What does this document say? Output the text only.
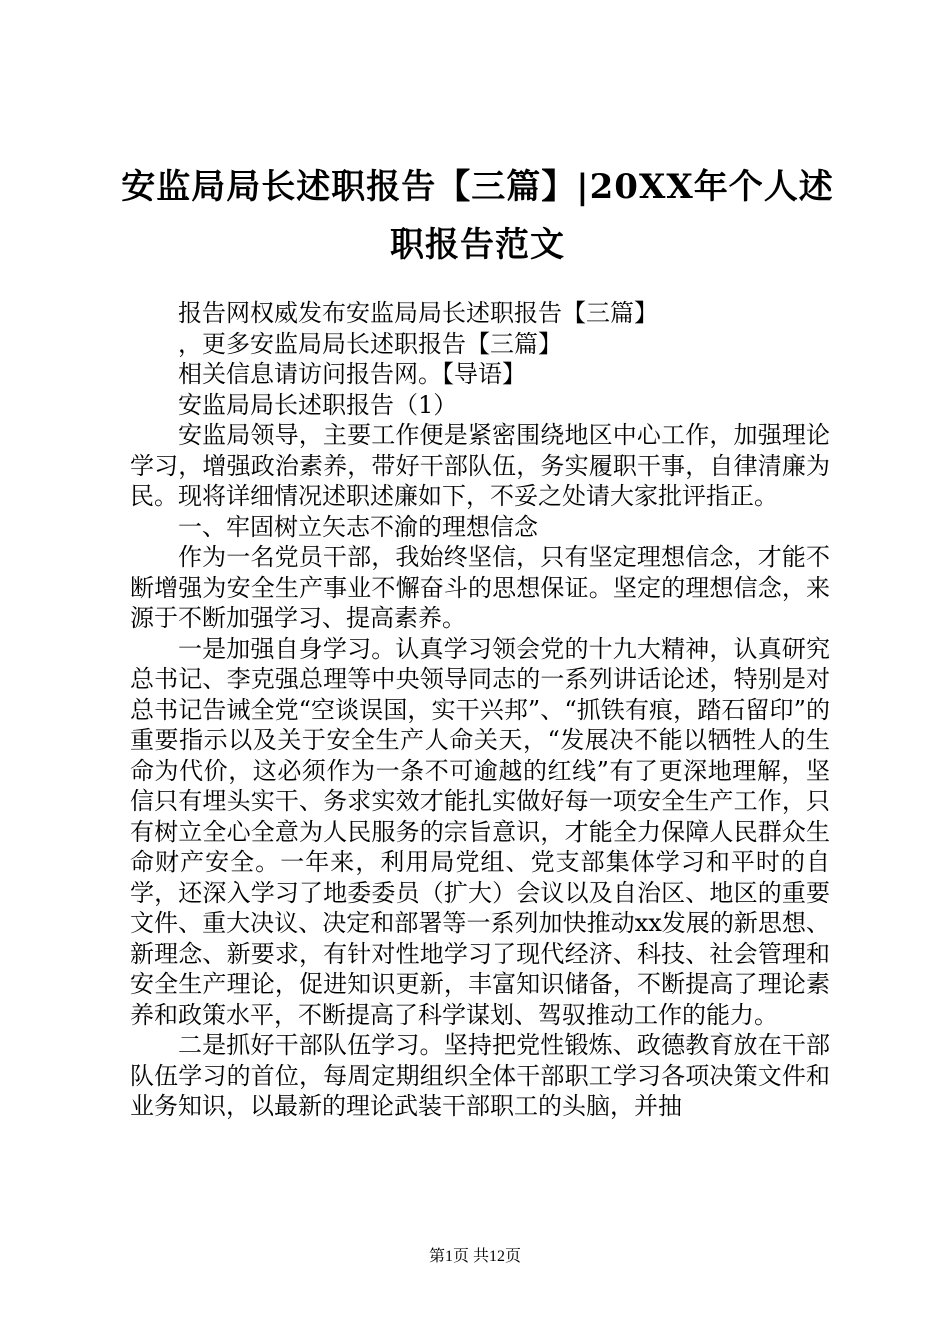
安监局局长述职报告【三篇】|20XX年个人述
职报告范文

报告网权威发布安监局局长述职报告【三篇】

，更多安监局局长述职报告【三篇】

相关信息请访问报告网。【导语】

安监局局长述职报告（1）

安监局领导，主要工作便是紧密围绕地区中心工作，加强理论学习，增强政治素养，带好干部队伍，务实履职干事，自律清廉为民。现将详细情况述职述廉如下，不妥之处请大家批评指正。

一、牢固树立矢志不渝的理想信念

作为一名党员干部，我始终坚信，只有坚定理想信念，才能不断增强为安全生产事业不懈奋斗的思想保证。坚定的理想信念，来源于不断加强学习、提高素养。

一是加强自身学习。认真学习领会党的十九大精神，认真研究总书记、李克强总理等中央领导同志的一系列讲话论述，特别是对总书记告诫全党“空谈误国，实干兴邦”、“抓铁有痕，踏石留印”的重要指示以及关于安全生产人命关天，“发展决不能以牺牲人的生命为代价，这必须作为一条不可逾越的红线”有了更深地理解，坚信只有埋头实干、务求实效才能扎实做好每一项安全生产工作，只有树立全心全意为人民服务的宗旨意识，才能全力保障人民群众生命财产安全。一年来，利用局党组、党支部集体学习和平时的自学，还深入学习了地委委员（扩大）会议以及自治区、地区的重要文件、重大决议、决定和部署等一系列加快推动xx发展的新思想、新理念、新要求，有针对性地学习了现代经济、科技、社会管理和安全生产理论，促进知识更新，丰富知识储备，不断提高了理论素养和政策水平，不断提高了科学谋划、驾驭推动工作的能力。

二是抓好干部队伍学习。坚持把党性锻炼、政德教育放在干部队伍学习的首位，每周定期组织全体干部职工学习各项决策文件和业务知识，以最新的理论武装干部职工的头脑，并抽

第1页 共12页
